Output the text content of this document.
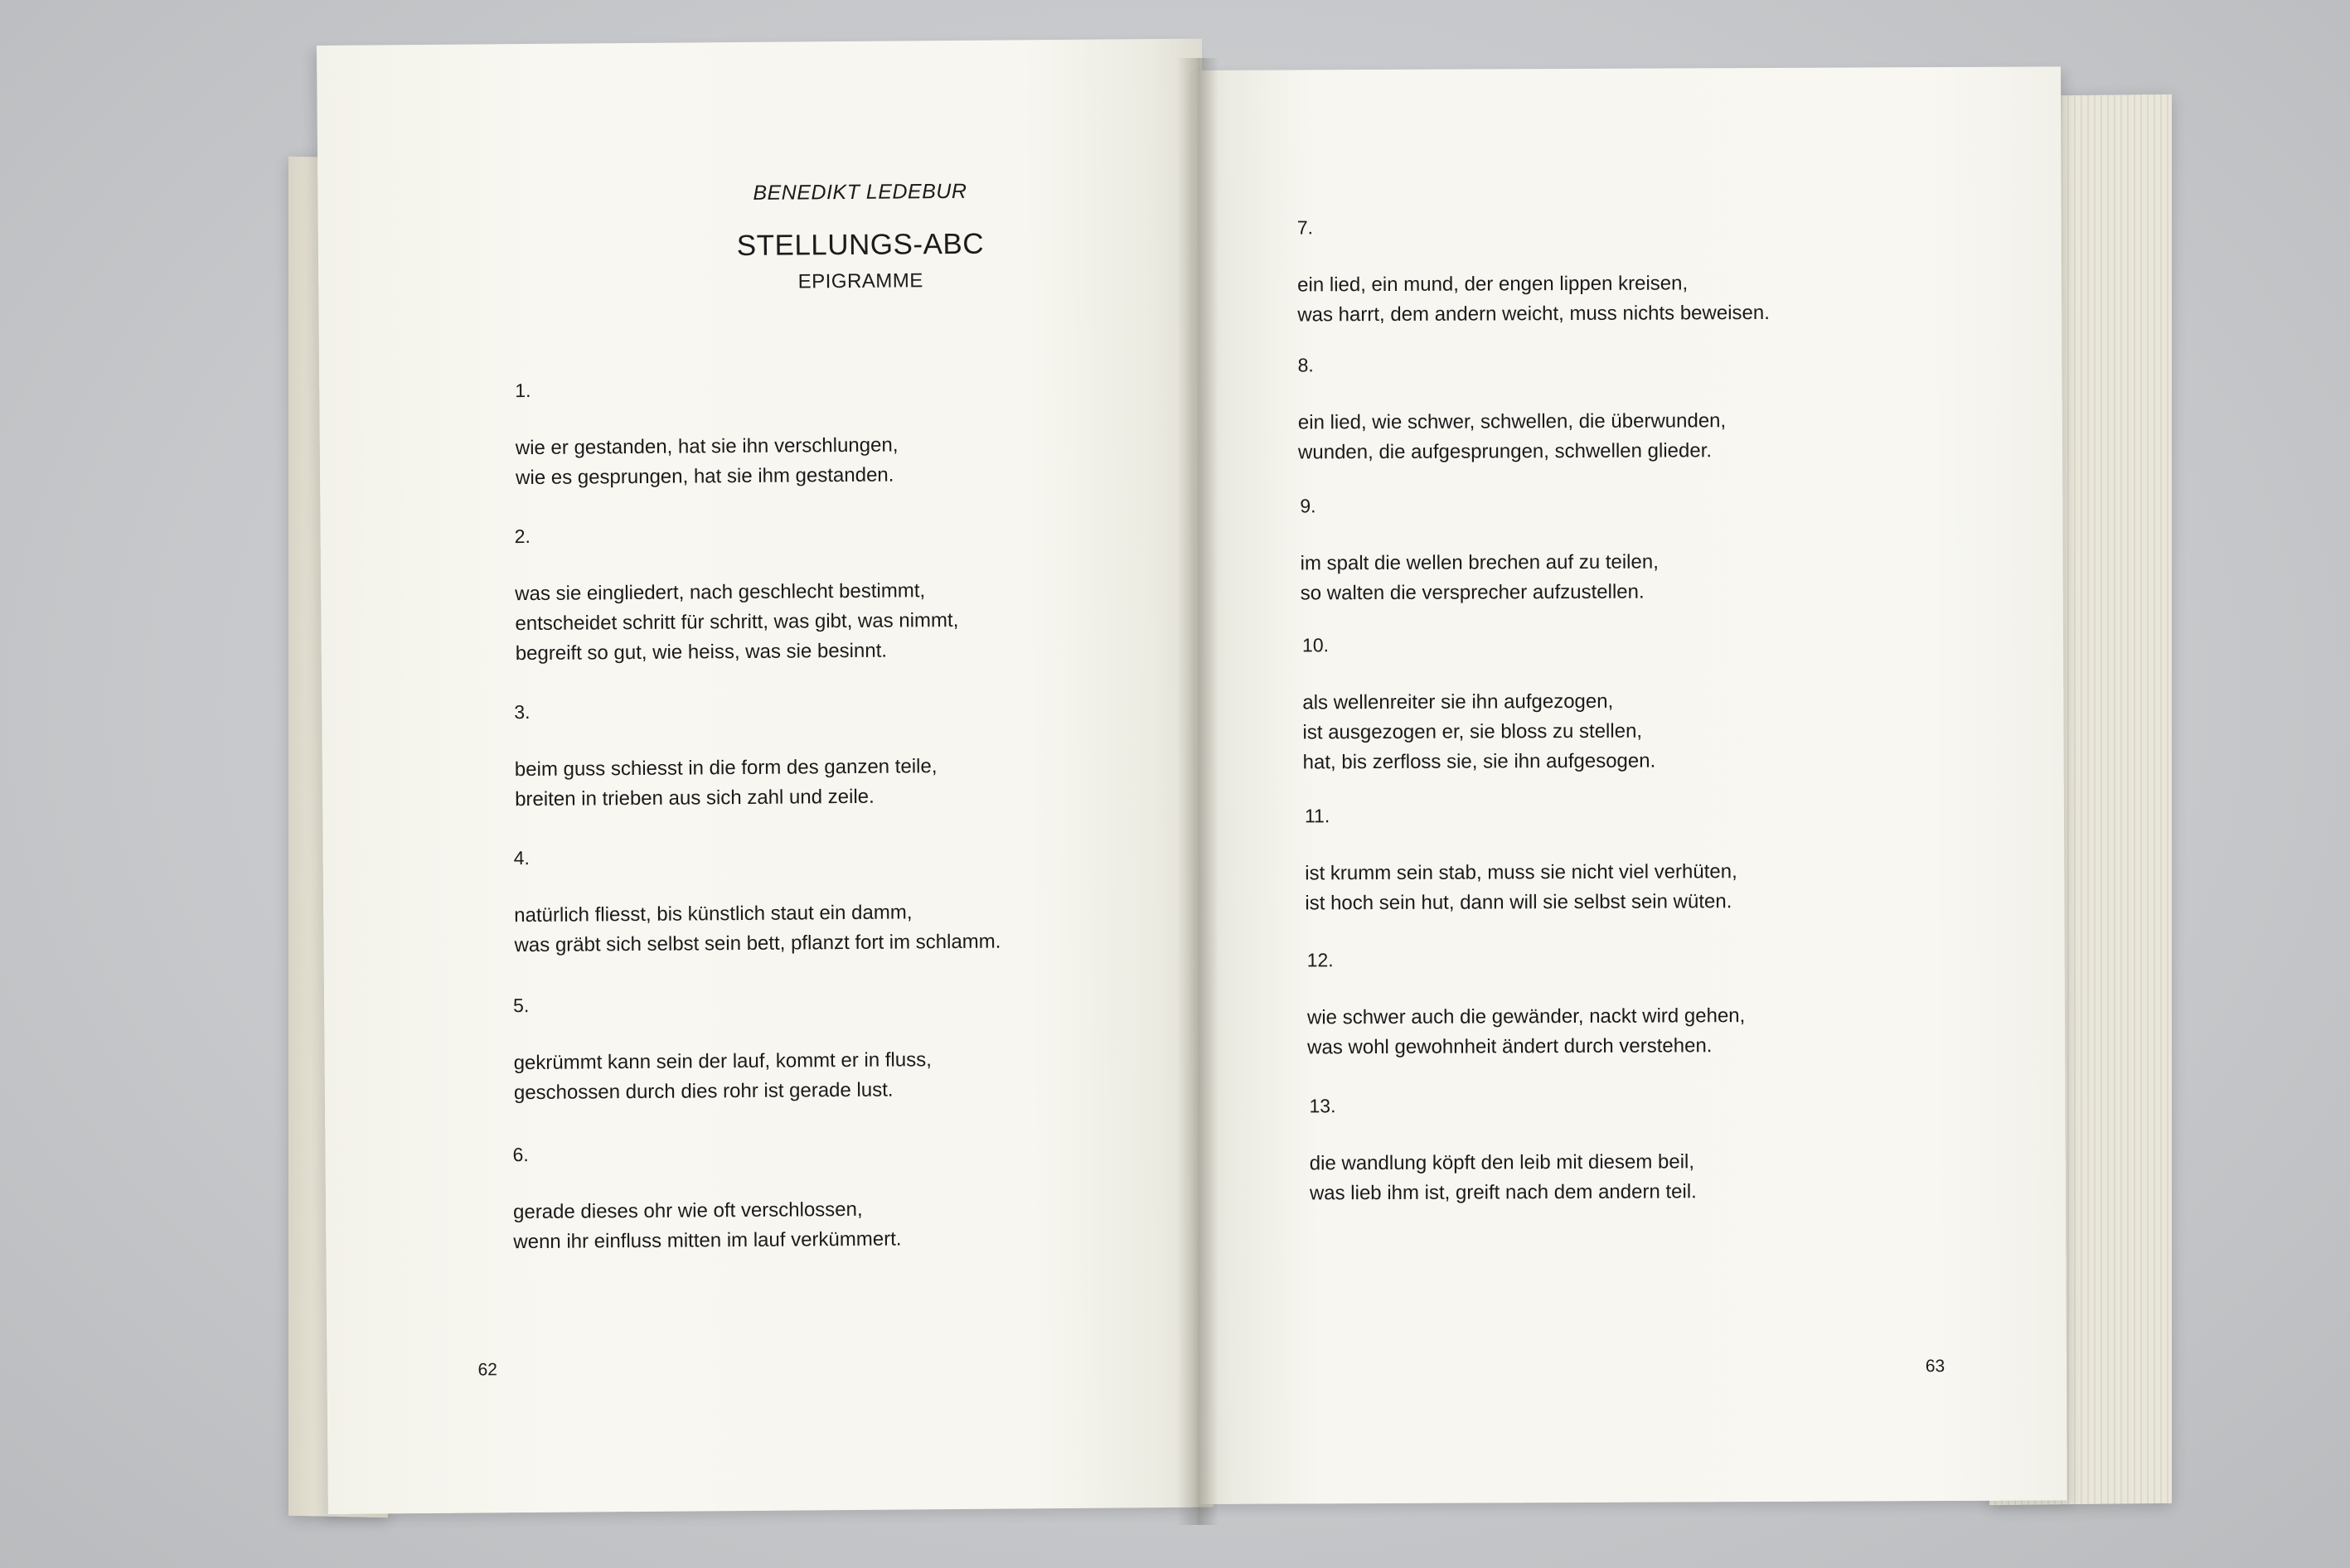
BENEDIKT LEDEBUR
STELLUNGS-ABC
EPIGRAMME
1.
wie er gestanden, hat sie ihn verschlungen,
wie es gesprungen, hat sie ihm gestanden.
2.
was sie eingliedert, nach geschlecht bestimmt,
entscheidet schritt für schritt, was gibt, was nimmt,
begreift so gut, wie heiss, was sie besinnt.
3.
beim guss schiesst in die form des ganzen teile,
breiten in trieben aus sich zahl und zeile.
4.
natürlich fliesst, bis künstlich staut ein damm,
was gräbt sich selbst sein bett, pflanzt fort im schlamm.
5.
gekrümmt kann sein der lauf, kommt er in fluss,
geschossen durch dies rohr ist gerade lust.
6.
gerade dieses ohr wie oft verschlossen,
wenn ihr einfluss mitten im lauf verkümmert.
62
7.
ein lied, ein mund, der engen lippen kreisen,
was harrt, dem andern weicht, muss nichts beweisen.
8.
ein lied, wie schwer, schwellen, die überwunden,
wunden, die aufgesprungen, schwellen glieder.
9.
im spalt die wellen brechen auf zu teilen,
so walten die versprecher aufzustellen.
10.
als wellenreiter sie ihn aufgezogen,
ist ausgezogen er, sie bloss zu stellen,
hat, bis zerfloss sie, sie ihn aufgesogen.
11.
ist krumm sein stab, muss sie nicht viel verhüten,
ist hoch sein hut, dann will sie selbst sein wüten.
12.
wie schwer auch die gewänder, nackt wird gehen,
was wohl gewohnheit ändert durch verstehen.
13.
die wandlung köpft den leib mit diesem beil,
was lieb ihm ist, greift nach dem andern teil.
63
